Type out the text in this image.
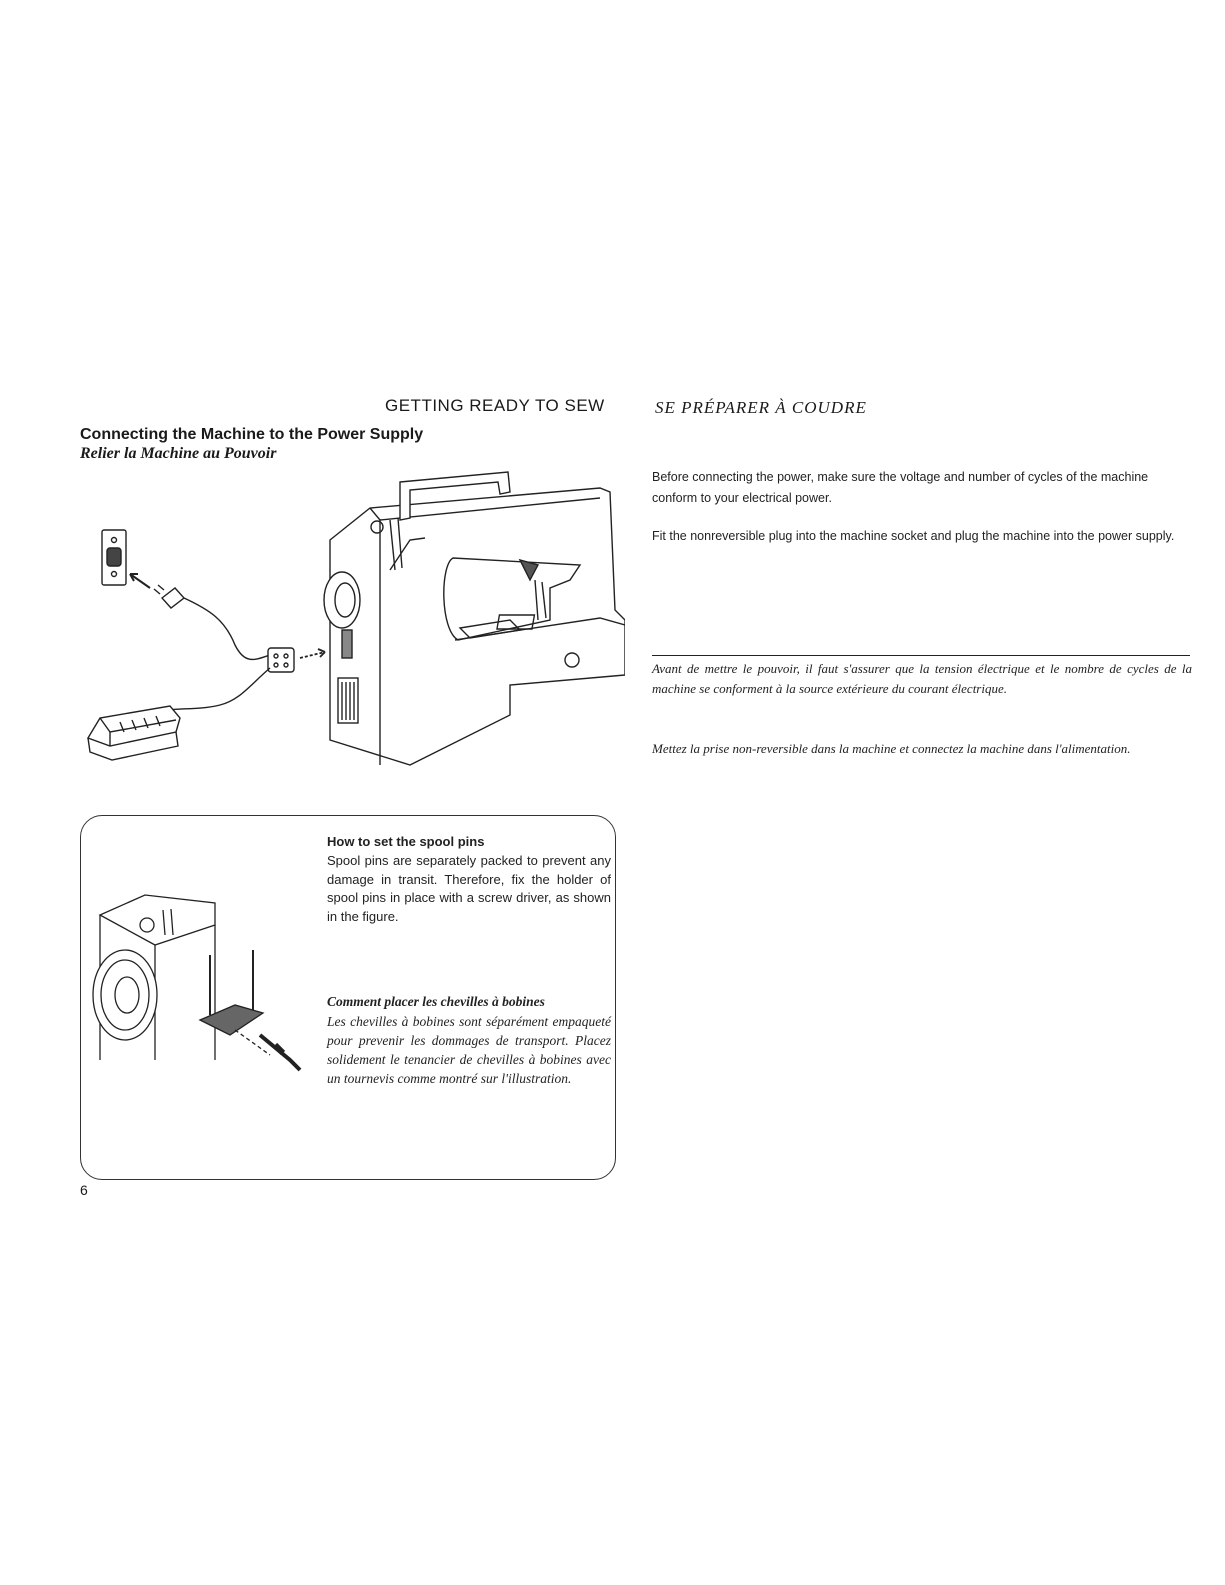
GETTING READY TO SEW	SE PRÉPARER À COUDRE
Connecting the Machine to the Power Supply
Relier la Machine au Pouvoir
Before connecting the power, make sure the voltage and number of cycles of the machine conform to your electrical power.
Fit the nonreversible plug into the machine socket and plug the machine into the power supply.
Avant de mettre le pouvoir, il faut s'assurer que la tension électrique et le nombre de cycles de la machine se conforment à la source extérieure du courant électrique.
Mettez la prise non-reversible dans la machine et connectez la machine dans l'alimentation.
How to set the spool pins
Spool pins are separately packed to prevent any damage in transit. Therefore, fix the holder of spool pins in place with a screw driver, as shown in the figure.
Comment placer les chevilles à bobines
Les chevilles à bobines sont séparément empaqueté pour prevenir les dommages de transport. Placez solidement le tenancier de chevilles à bobines avec un tournevis comme montré sur l'illustration.
6
